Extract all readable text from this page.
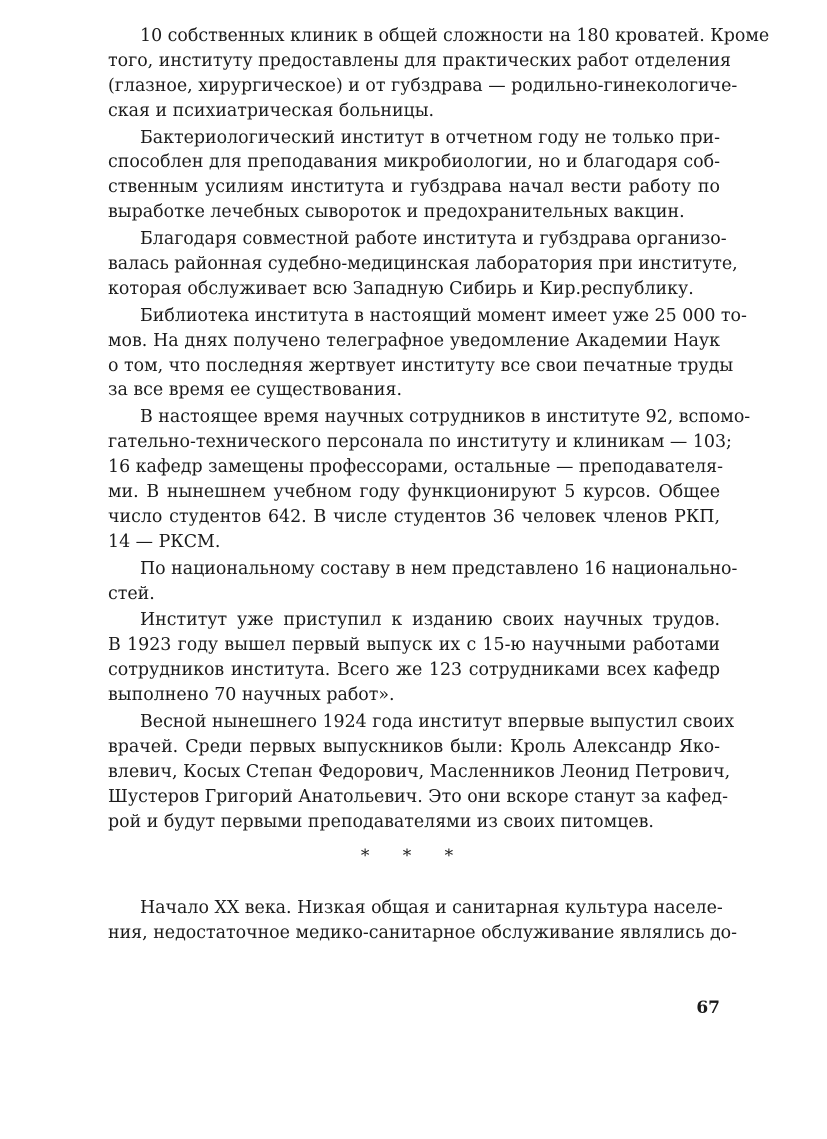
10 собственных клиник в общей сложности на 180 кроватей. Кроме
того, институту предоставлены для практических работ отделения
(глазное, хирургическое) и от губздрава — родильно-гинекологиче-
ская и психиатрическая больницы.
Бактериологический институт в отчетном году не только при-
способлен для преподавания микробиологии, но и благодаря соб-
ственным усилиям института и губздрава начал вести работу по
выработке лечебных сывороток и предохранительных вакцин.
Благодаря совместной работе института и губздрава организо-
валась районная судебно-медицинская лаборатория при институте,
которая обслуживает всю Западную Сибирь и Кир.республику.
Библиотека института в настоящий момент имеет уже 25 000 то-
мов. На днях получено телеграфное уведомление Академии Наук
о том, что последняя жертвует институту все свои печатные труды
за все время ее существования.
В настоящее время научных сотрудников в институте 92, вспомо-
гательно-технического персонала по институту и клиникам — 103;
16 кафедр замещены профессорами, остальные — преподавателя-
ми. В нынешнем учебном году функционируют 5 курсов. Общее
число студентов 642. В числе студентов 36 человек членов РКП,
14 — РКСМ.
По национальному составу в нем представлено 16 национально-
стей.
Институт уже приступил к изданию своих научных трудов.
В 1923 году вышел первый выпуск их с 15-ю научными работами
сотрудников института. Всего же 123 сотрудниками всех кафедр
выполнено 70 научных работ».
Весной нынешнего 1924 года институт впервые выпустил своих
врачей. Среди первых выпускников были: Кроль Александр Яко-
влевич, Косых Степан Федорович, Масленников Леонид Петрович,
Шустеров Григорий Анатольевич. Это они вскоре станут за кафед-
рой и будут первыми преподавателями из своих питомцев.
* * *
Начало XX века. Низкая общая и санитарная культура населе-
ния, недостаточное медико-санитарное обслуживание являлись до-
67
